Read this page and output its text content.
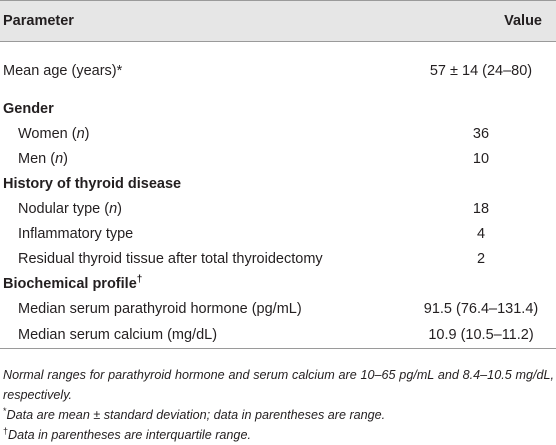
Parameter	Value
Mean age (years)*	57 ± 14 (24–80)
Gender	
Women (n)	36
Men (n)	10
History of thyroid disease	
Nodular type (n)	18
Inflammatory type	4
Residual thyroid tissue after total thyroidectomy	2
Biochemical profile†
Median serum parathyroid hormone (pg/mL)	91.5 (76.4–131.4)
Median serum calcium (mg/dL)	10.9 (10.5–11.2)

Normal ranges for parathyroid hormone and serum calcium are 10–65 pg/mL and 8.4–10.5 mg/dL, respectively.

*Data are mean ± standard deviation; data in parentheses are range.

†Data in parentheses are interquartile range.
